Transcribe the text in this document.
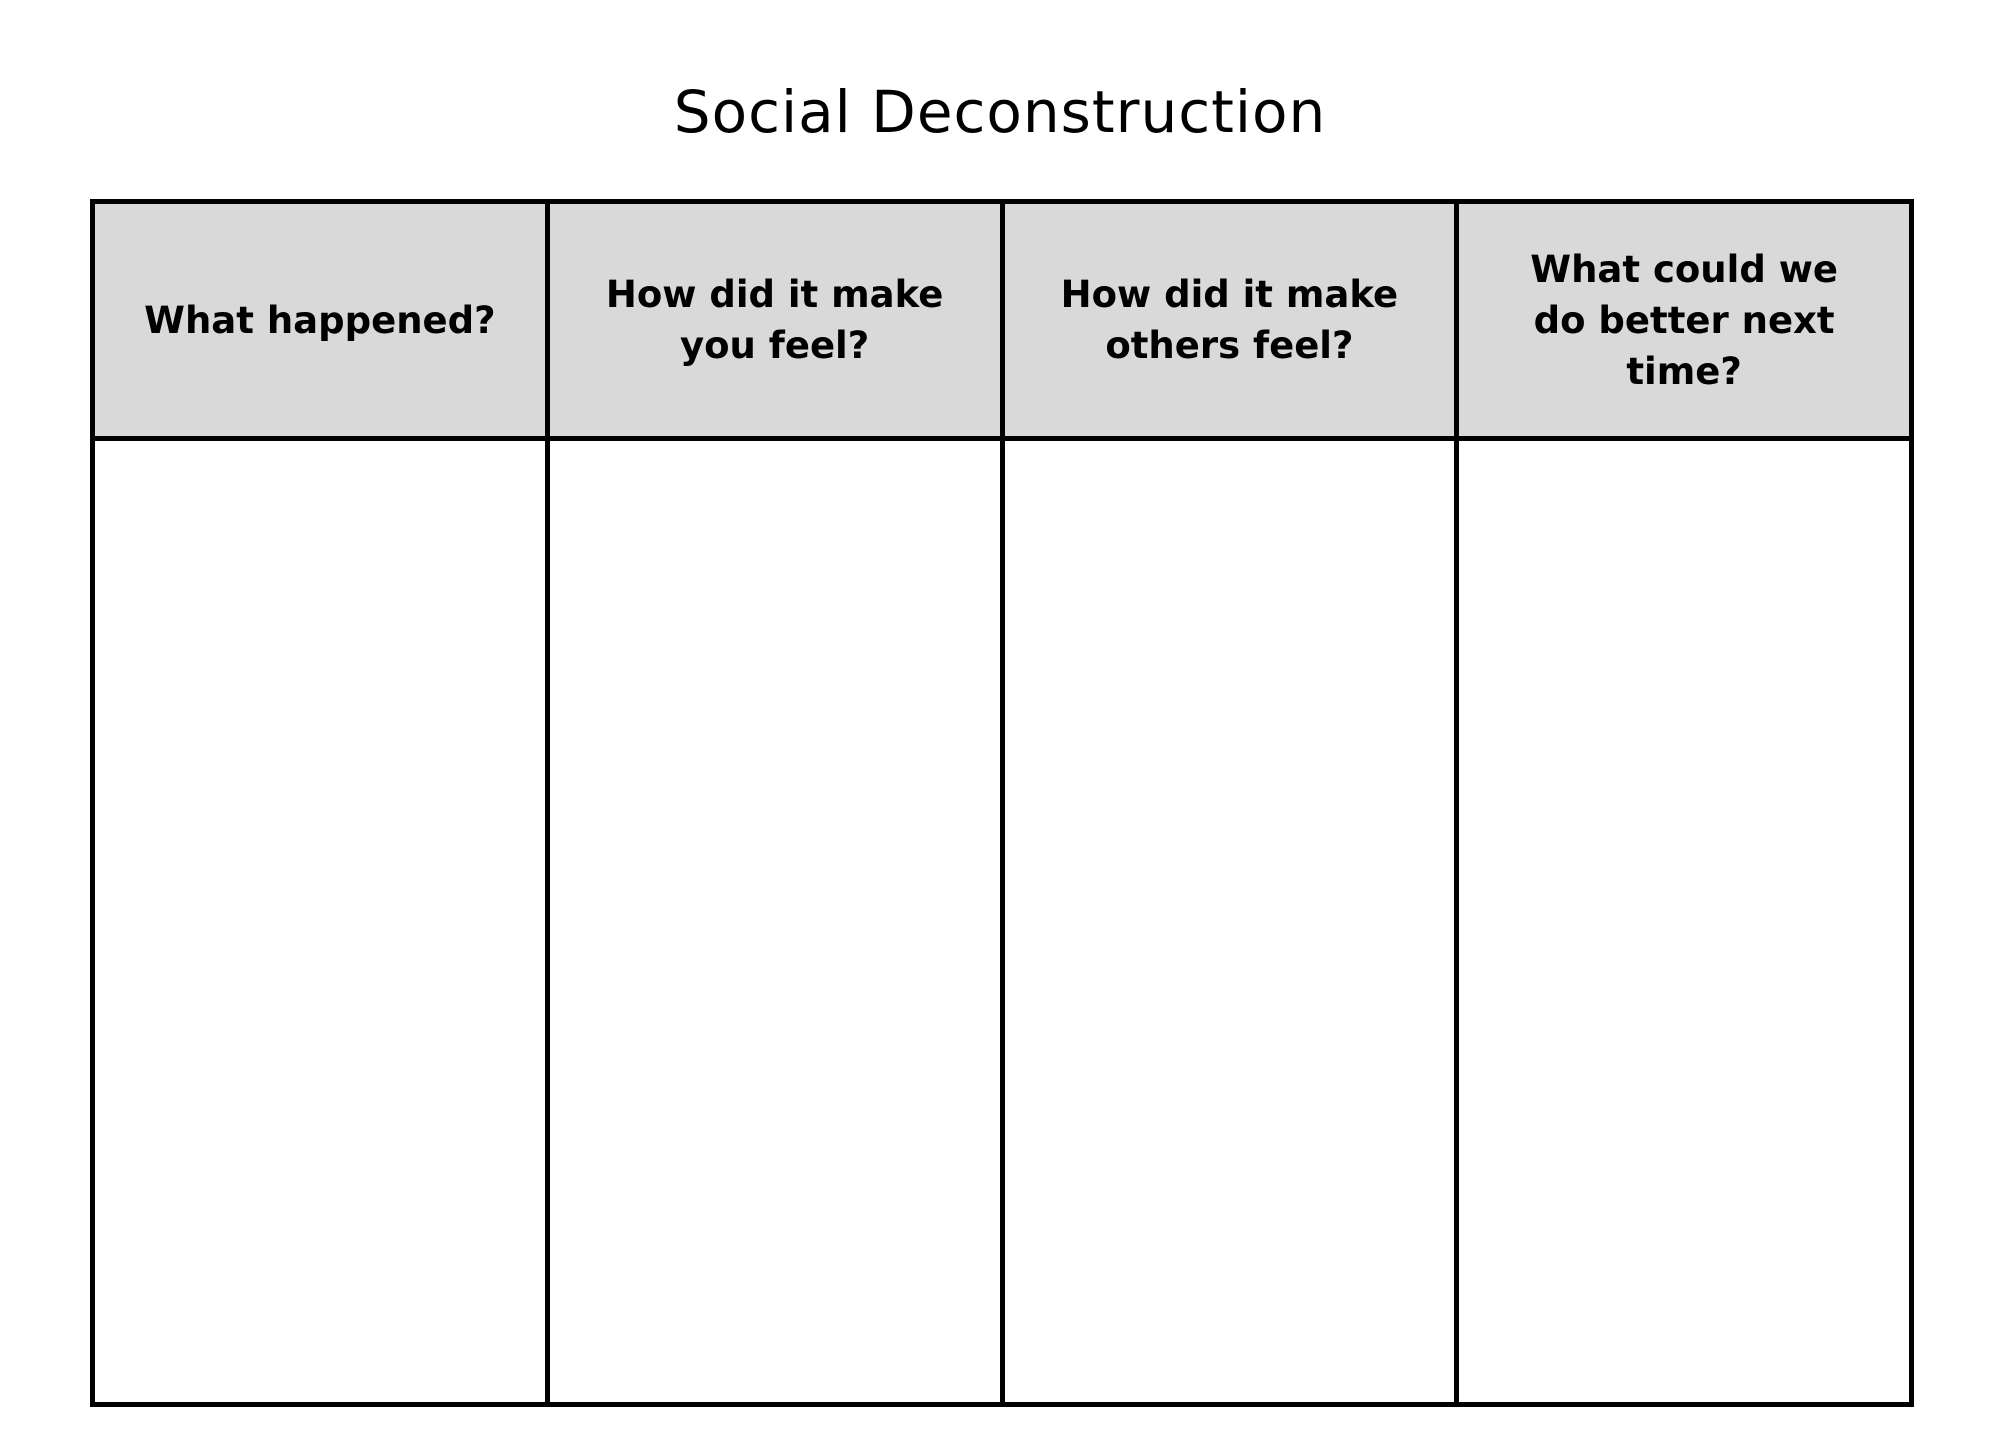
Social Deconstruction
What happened?	How did it make you feel?	How did it make others feel?	What could we do better next time?
